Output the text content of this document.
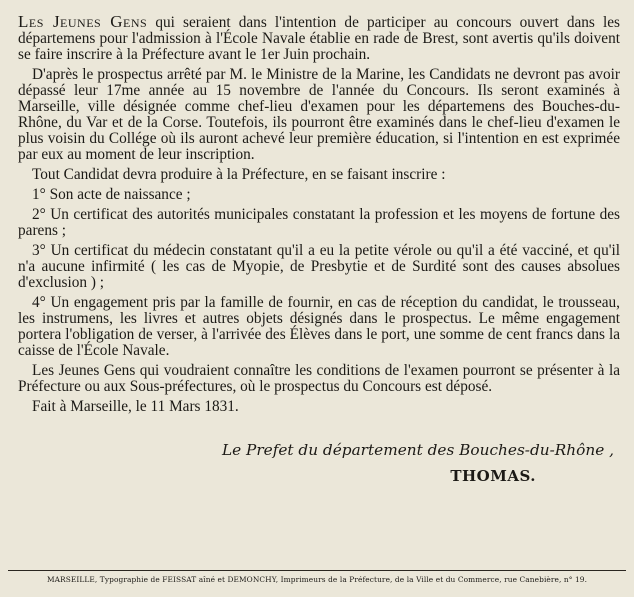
Les Jeunes Gens qui seraient dans l'intention de participer au concours ouvert dans les départemens pour l'admission à l'École Navale établie en rade de Brest, sont avertis qu'ils doivent se faire inscrire à la Préfecture avant le 1er Juin prochain.

D'après le prospectus arrêté par M. le Ministre de la Marine, les Candidats ne devront pas avoir dépassé leur 17me année au 15 novembre de l'année du Concours. Ils seront examinés à Marseille, ville désignée comme chef-lieu d'examen pour les départemens des Bouches-du-Rhône, du Var et de la Corse. Toutefois, ils pourront être examinés dans le chef-lieu d'examen le plus voisin du Collége où ils auront achevé leur première éducation, si l'intention en est exprimée par eux au moment de leur inscription.

Tout Candidat devra produire à la Préfecture, en se faisant inscrire :

1° Son acte de naissance ;

2° Un certificat des autorités municipales constatant la profession et les moyens de fortune des parens ;

3° Un certificat du médecin constatant qu'il a eu la petite vérole ou qu'il a été vacciné, et qu'il n'a aucune infirmité ( les cas de Myopie, de Presbytie et de Surdité sont des causes absolues d'exclusion ) ;

4° Un engagement pris par la famille de fournir, en cas de réception du candidat, le trousseau, les instrumens, les livres et autres objets désignés dans le prospectus. Le même engagement portera l'obligation de verser, à l'arrivée des Élèves dans le port, une somme de cent francs dans la caisse de l'École Navale.

Les Jeunes Gens qui voudraient connaître les conditions de l'examen pourront se présenter à la Préfecture ou aux Sous-préfectures, où le prospectus du Concours est déposé.

Fait à Marseille, le 11 Mars 1831.

Le Prefet du département des Bouches-du-Rhône ,
THOMAS.
MARSEILLE, Typographie de FEISSAT aîné et DEMONCHY, Imprimeurs de la Préfecture, de la Ville et du Commerce, rue Canebière, n° 19.
